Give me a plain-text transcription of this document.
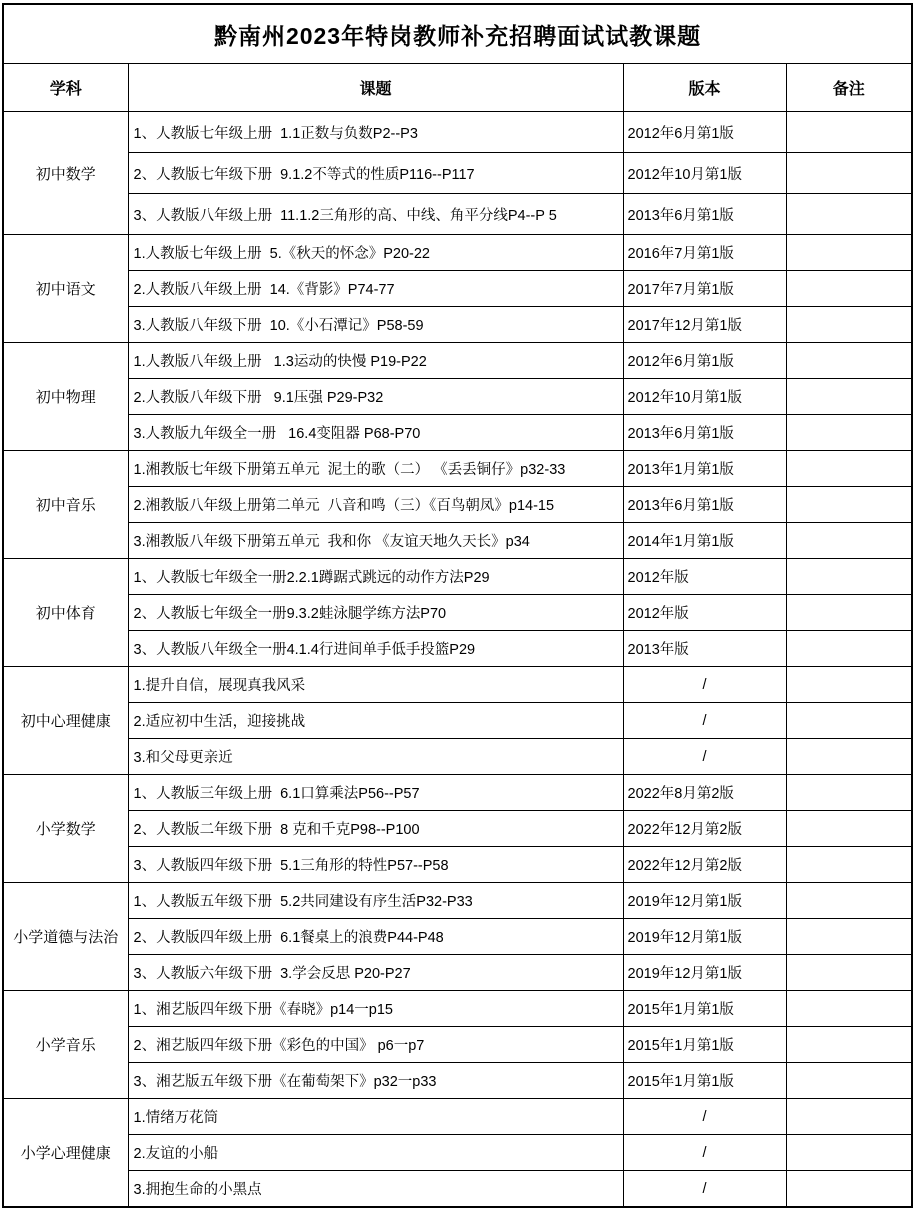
黔南州2023年特岗教师补充招聘面试试教课题			
学科	课题	版本	备注
初中数学	1、人教版七年级上册  1.1正数与负数P2--P3	2012年6月第1版	
	2、人教版七年级下册  9.1.2不等式的性质P116--P117	2012年10月第1版	
	3、人教版八年级上册  11.1.2三角形的高、中线、角平分线P4--P 5	2013年6月第1版	
初中语文	1.人教版七年级上册  5.《秋天的怀念》P20-22	2016年7月第1版	
	2.人教版八年级上册  14.《背影》P74-77	2017年7月第1版	
	3.人教版八年级下册  10.《小石潭记》P58-59	2017年12月第1版	
初中物理	1.人教版八年级上册   1.3运动的快慢 P19-P22	2012年6月第1版	
	2.人教版八年级下册   9.1压强 P29-P32	2012年10月第1版	
	3.人教版九年级全一册   16.4变阻器 P68-P70	2013年6月第1版	
初中音乐	1.湘教版七年级下册第五单元  泥土的歌（二） 《丢丢铜仔》p32-33	2013年1月第1版	
	2.湘教版八年级上册第二单元  八音和鸣（三）《百鸟朝凤》p14-15	2013年6月第1版	
	3.湘教版八年级下册第五单元  我和你 《友谊天地久天长》p34	2014年1月第1版	
初中体育	1、人教版七年级全一册2.2.1蹲踞式跳远的动作方法P29	2012年版	
	2、人教版七年级全一册9.3.2蛙泳腿学练方法P70	2012年版	
	3、人教版八年级全一册4.1.4行进间单手低手投篮P29	2013年版	
初中心理健康	1.提升自信，展现真我风采	/	
	2.适应初中生活，迎接挑战	/	
	3.和父母更亲近	/	
小学数学	1、人教版三年级上册  6.1口算乘法P56--P57	2022年8月第2版	
	2、人教版二年级下册  8 克和千克P98--P100	2022年12月第2版	
	3、人教版四年级下册  5.1三角形的特性P57--P58	2022年12月第2版	
小学道德与法治	1、人教版五年级下册  5.2共同建设有序生活P32-P33	2019年12月第1版	
	2、人教版四年级上册  6.1餐桌上的浪费P44-P48	2019年12月第1版	
	3、人教版六年级下册  3.学会反思 P20-P27	2019年12月第1版	
小学音乐	1、湘艺版四年级下册《春晓》p14一p15	2015年1月第1版	
	2、湘艺版四年级下册《彩色的中国》 p6一p7	2015年1月第1版	
	3、湘艺版五年级下册《在葡萄架下》p32一p33	2015年1月第1版	
小学心理健康	1.情绪万花筒	/	
	2.友谊的小船	/	
	3.拥抱生命的小黑点	/	
